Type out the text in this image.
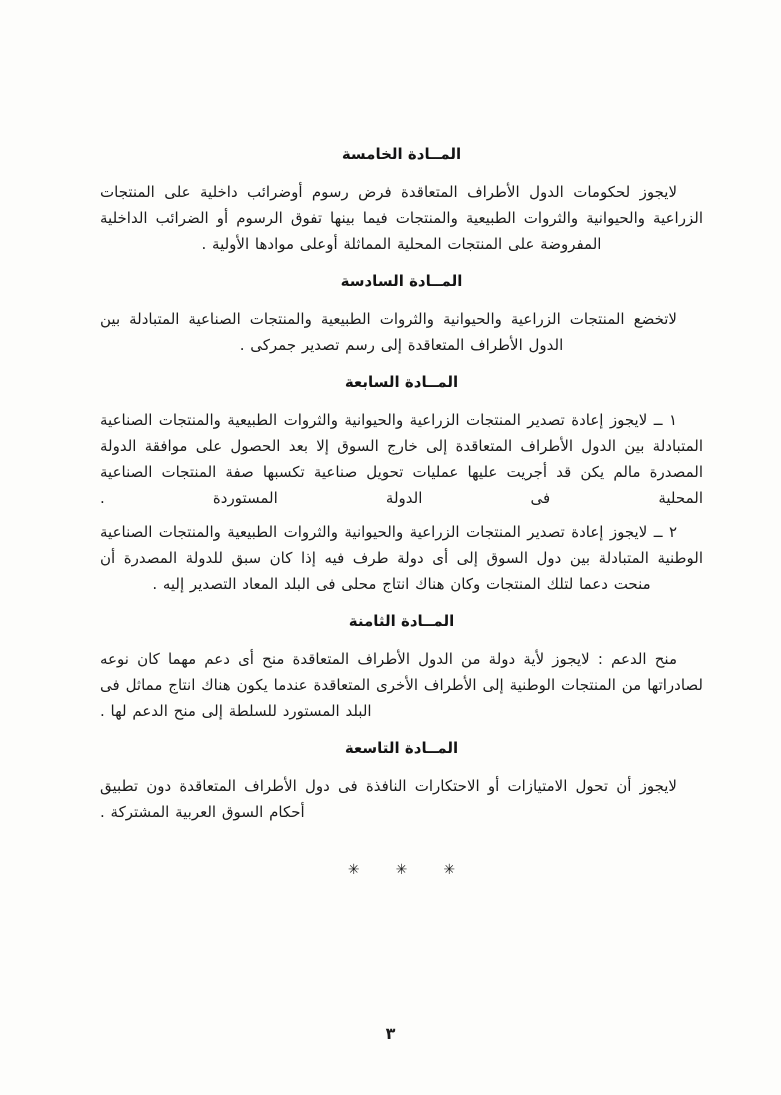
المــادة الخامسة

لايجوز لحكومات الدول الأطراف المتعاقدة فرض رسوم أوضرائب داخلية على المنتجات الزراعية والحيوانية والثروات الطبيعية والمنتجات فيما بينها تفوق الرسوم أو الضرائب الداخلية المفروضة على المنتجات المحلية المماثلة أوعلى موادها الأولية .

المــادة السادسة

لاتخضع المنتجات الزراعية والحيوانية والثروات الطبيعية والمنتجات الصناعية المتبادلة بين الدول الأطراف المتعاقدة إلى رسم تصدير جمركى .

المــادة السابعة

١ ــ لايجوز إعادة تصدير المنتجات الزراعية والحيوانية والثروات الطبيعية والمنتجات الصناعية المتبادلة بين الدول الأطراف المتعاقدة إلى خارج السوق إلا بعد الحصول على موافقة الدولة المصدرة مالم يكن قد أجريت عليها عمليات تحويل صناعية تكسبها صفة المنتجات الصناعية المحلية فى الدولة المستوردة .

٢ ــ لايجوز إعادة تصدير المنتجات الزراعية والحيوانية والثروات الطبيعية والمنتجات الصناعية الوطنية المتبادلة بين دول السوق إلى أى دولة طرف فيه إذا كان سبق للدولة المصدرة أن منحت دعما لتلك المنتجات وكان هناك انتاج محلى فى البلد المعاد التصدير إليه .

المــادة الثامنة

منح الدعم : لايجوز لأية دولة من الدول الأطراف المتعاقدة منح أى دعم مهما كان نوعه لصادراتها من المنتجات الوطنية إلى الأطراف الأخرى المتعاقدة عندما يكون هناك انتاج مماثل فى البلد المستورد للسلطة إلى منح الدعم لها .

المــادة التاسعة

لايجوز أن تحول الامتيازات أو الاحتكارات النافذة فى دول الأطراف المتعاقدة دون تطبيق أحكام السوق العربية المشتركة .

✳
✳
✳
٣
